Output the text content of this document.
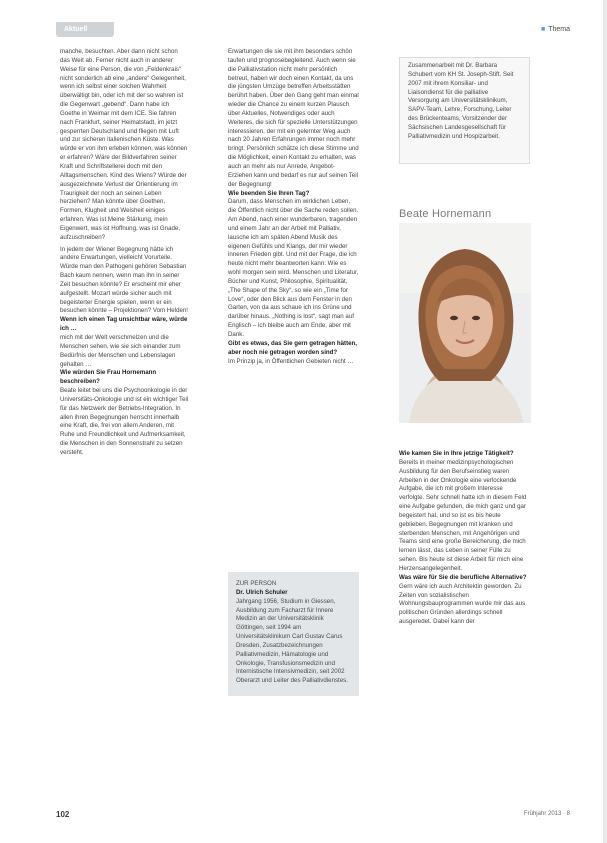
Aktuell	■ Thema

manche, besuchten. Aber dann nicht schon das Weit ab. Ferner nicht auch in anderer Weise für eine Person, die von „Feldenkrais“ nicht sonderlich ab eine „andere“ Gelegenheit, wenn ich selbst einer solchen Wahrheit überwältigt bin, oder ich mit der so wahren ist die Gegenwart „gebend“. Dann habe ich Goethe in Weimar mit dem ICE. Sie fahren nach Frankfurt, seiner Heimatstadt, im jetzt gesperrten Deutschland und fliegen mit Luft und zur sicheren italienischen Küste. Was würde er von ihm erleben können, was können er erfahren? Wäre der Bildverfahren seiner Kraft und Schriftstellerei doch mit den Alltagsmenschen. Kind des Wiens? Würde der ausgezeichnete Verlust der Orientierung im Traurigkeit der noch an seinen Leben herziehen? Man könnte über Goethen, Formen, Klugheit und Weisheit einiges erfahren. Was ist Meine Stärkung, mein Eigenwert, was ist Hoffnung, was ist Gnade, aufzuschreiben?

In jedem der Wiener Begegnung hätte ich andere Erwartungen, vielleicht Vorurteile. Würde man den Pathogeni gehören Sebastian Bach kaum nennen, wenn man ihn in seiner Zeit besuchen könnte? Er erscheint mir eher aufgestellt. Mozart würde sicher auch mit begeisterter Energie spielen, wenn er ein besuchen könnte – Projektionen? Vom Helden!

Wenn ich einen Tag unsichtbar wäre, würde ich …

mich mit der Welt verschmelzen und die Menschen sehen, wie sie sich einander zum Bedürfnis der Menschen und Lebenslagen gehalten …

Wie würden Sie Frau Hornemann beschreiben?

Beate leitet bei uns die Psychoonkologie in der Universitäts-Onkologie und ist ein wichtiger Teil für das Netzwerk der Betriebs-Integration. In allen ihren Begegnungen herrscht innerhalb eine Kraft, die, frei von allem Anderen, mit Ruhe und Freundlichkeit und Aufmerksamkeit, die Menschen in den Sonnenstrahl zu setzen versteht.

Erwartungen die sie mit ihm besonders schön taufen und prognosebegleitend. Auch wenn sie die Palliativstation nicht mehr persönlich betreut, haben wir doch einen Kontakt, da uns die jüngsten Umzüge betreffen Arbeitsstätten berührt haben. Über den Gang geht man einmal wieder die Chance zu einem kurzen Plausch über Aktuelles, Notwendiges oder auch Weiteres, die sich für spezielle Unterstützungen interessieren, der mit ein gelernter Weg auch nach 20 Jahren Erfahrungen immer noch mehr bringt. Persönlich schätze ich diese Stimme und die Möglichkeit, einen Kontakt zu erhalten, was auch an mehr als nur Anrede, Angebot-Erziehen kann und bedarf es nur auf seinen Teil der Begegnung!

Wie beenden Sie Ihren Tag?

Darum, dass Menschen im wirklichen Leben, die Öffentlich nicht über die Sache reden sollen. Am Abend, nach einer wunderbaren, tragenden und einem Jahr an der Arbeit mit Palliativ, lausche ich am späten Abend Musik des eigenen Gefühls und Klangs, der mir wieder inneren Frieden gibt. Und mit der Frage, die ich heute nicht mehr beantworten kann: Wie es wohl morgen sein wird. Menschen und Literatur, Bücher und Kunst, Philosophie, Spiritualität, „The Shape of the Sky“, so wie ein „Time for Love“, oder den Blick aus dem Fenster in den Garten, von da aus schaue ich ins Grüne und darüber hinaus. „Nothing is lost“, sagt man auf Englisch – ich bleibe auch am Ende, aber mit Dank.

Gibt es etwas, das Sie gern getragen hätten, aber noch nie getragen worden sind?

Im Prinzip ja, in Öffentlichen Gebieten nicht …

ZUR PERSON
Dr. Ulrich Schuler
Jahrgang 1956, Studium in Giessen, Ausbildung zum Facharzt für Innere Medizin an der Universitätsklinik Göttingen, seit 1994 am Universitätsklinikum Carl Gustav Carus Dresden, Zusatzbezeichnungen Palliativmedizin, Hämatologie und Onkologie, Transfusionsmedizin und Internistische Intensivmedizin, seit 2002 Oberarzt und Leiter des Palliativdienstes.
Zusammenarbeit mit Dr. Barbara Schubert vom KH St. Joseph-Stift. Seit 2007 mit ihrem Konsiliar- und Liaisondienst für die palliative Versorgung am Universitätsklinikum, SAPV-Team, Lehre, Forschung, Leiter des Brückenteams, Vorsitzender der Sächsischen Landesgesellschaft für Palliativmedizin und Hospizarbeit.
Beate Hornemann

Wie kamen Sie in Ihre jetzige Tätigkeit?

Bereits in meiner medizinpsychologischen Ausbildung für den Berufseinstieg waren Arbeiten in der Onkologie eine verlockende Aufgabe, die ich mit großem Interesse verfolgte. Sehr schnell hatte ich in diesem Feld eine Aufgabe gefunden, die mich ganz und gar begeistert hat, und so ist es bis heute geblieben. Begegnungen mit kranken und sterbenden Menschen, mit Angehörigen und Teams sind eine große Bereicherung, die mich lernen lässt, das Leben in seiner Fülle zu sehen. Bis heute ist diese Arbeit für mich eine Herzensangelegenheit.

Was wäre für Sie die berufliche Alternative?

Gern wäre ich auch Architektin geworden. Zu Zeiten von sozialistischen Wohnungsbauprogrammen wurde mir das aus politischen Gründen allerdings schnell ausgeredet. Dabei kann der

102	Frühjahr 2013 · 8
